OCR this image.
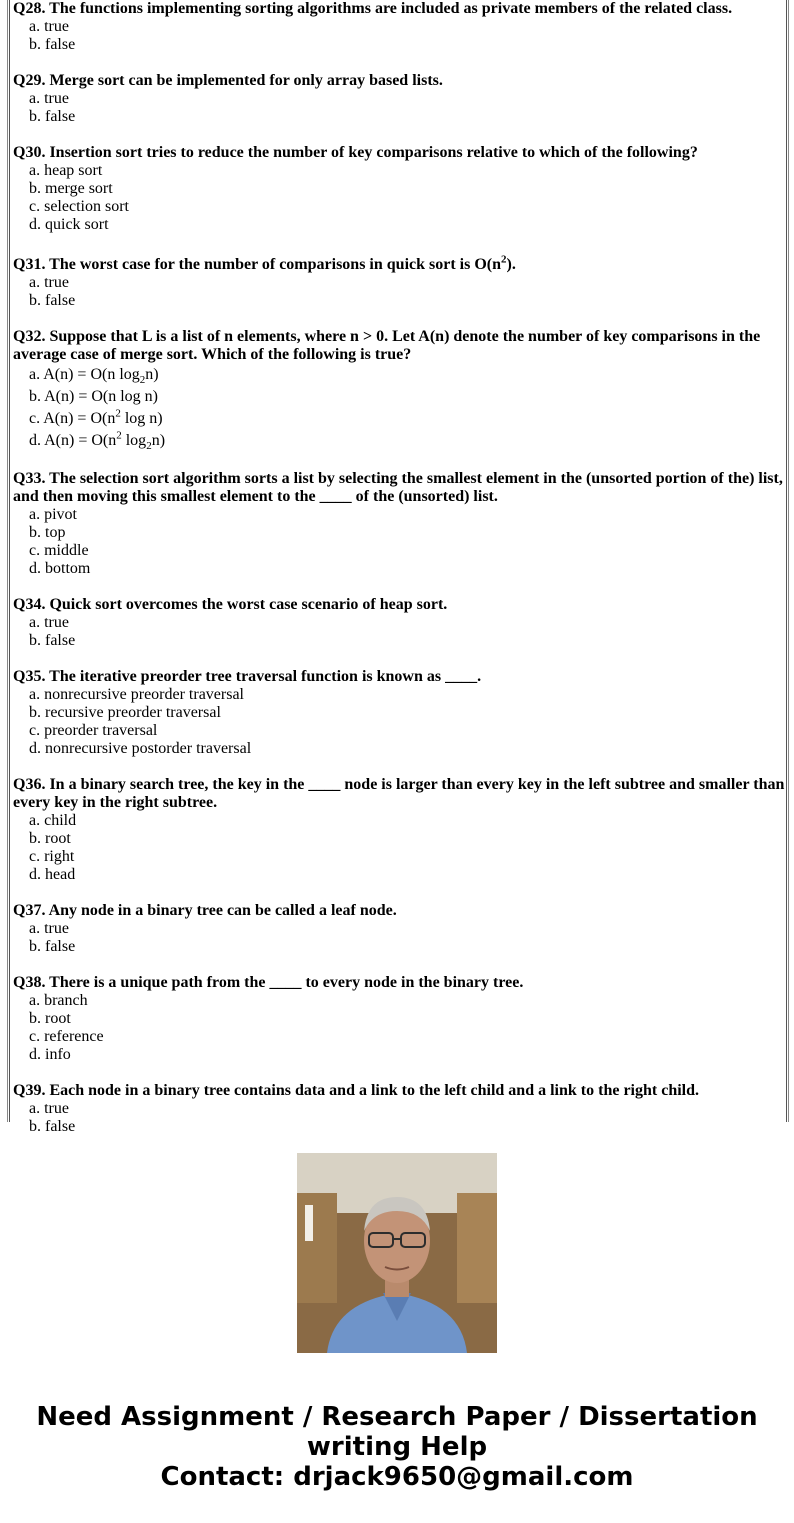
Q28. The functions implementing sorting algorithms are included as private members of the related class.
a. true
b. false
Q29. Merge sort can be implemented for only array based lists.
a. true
b. false
Q30. Insertion sort tries to reduce the number of key comparisons relative to which of the following?
a. heap sort
b. merge sort
c. selection sort
d. quick sort
Q31. The worst case for the number of comparisons in quick sort is $O(n^2)$.
a. true
b. false
Q32. Suppose that L is a list of n elements, where n > 0. Let A(n) denote the number of key comparisons in the average case of merge sort. Which of the following is true?
a. A(n) = O(n $\log_2n$)
b. A(n) = O(n log n)
c. $A(n) = O(n^2$ log n)
d. $A(n) = O(n^2$ $\log_2n$)
Q33. The selection sort algorithm sorts a list by selecting the smallest element in the (unsorted portion of the) list, and then moving this smallest element to the ____ of the (unsorted) list.
a. pivot
b. top
c. middle
d. bottom
Q34. Quick sort overcomes the worst case scenario of heap sort.
a. true
b. false
Q35. The iterative preorder tree traversal function is known as ____.
a. nonrecursive preorder traversal
b. recursive preorder traversal
c. preorder traversal
d. nonrecursive postorder traversal
Q36. In a binary search tree, the key in the ____ node is larger than every key in the left subtree and smaller than every key in the right subtree.
a. child
b. root
c. right
d. head
Q37. Any node in a binary tree can be called a leaf node.
a. true
b. false
Q38. There is a unique path from the ____ to every node in the binary tree.
a. branch
b. root
c. reference
d. info
Q39. Each node in a binary tree contains data and a link to the left child and a link to the right child.
a. true
b. false
Need Assignment / Research Paper / Dissertation
writing Help
Contact: drjack9650@gmail.com
